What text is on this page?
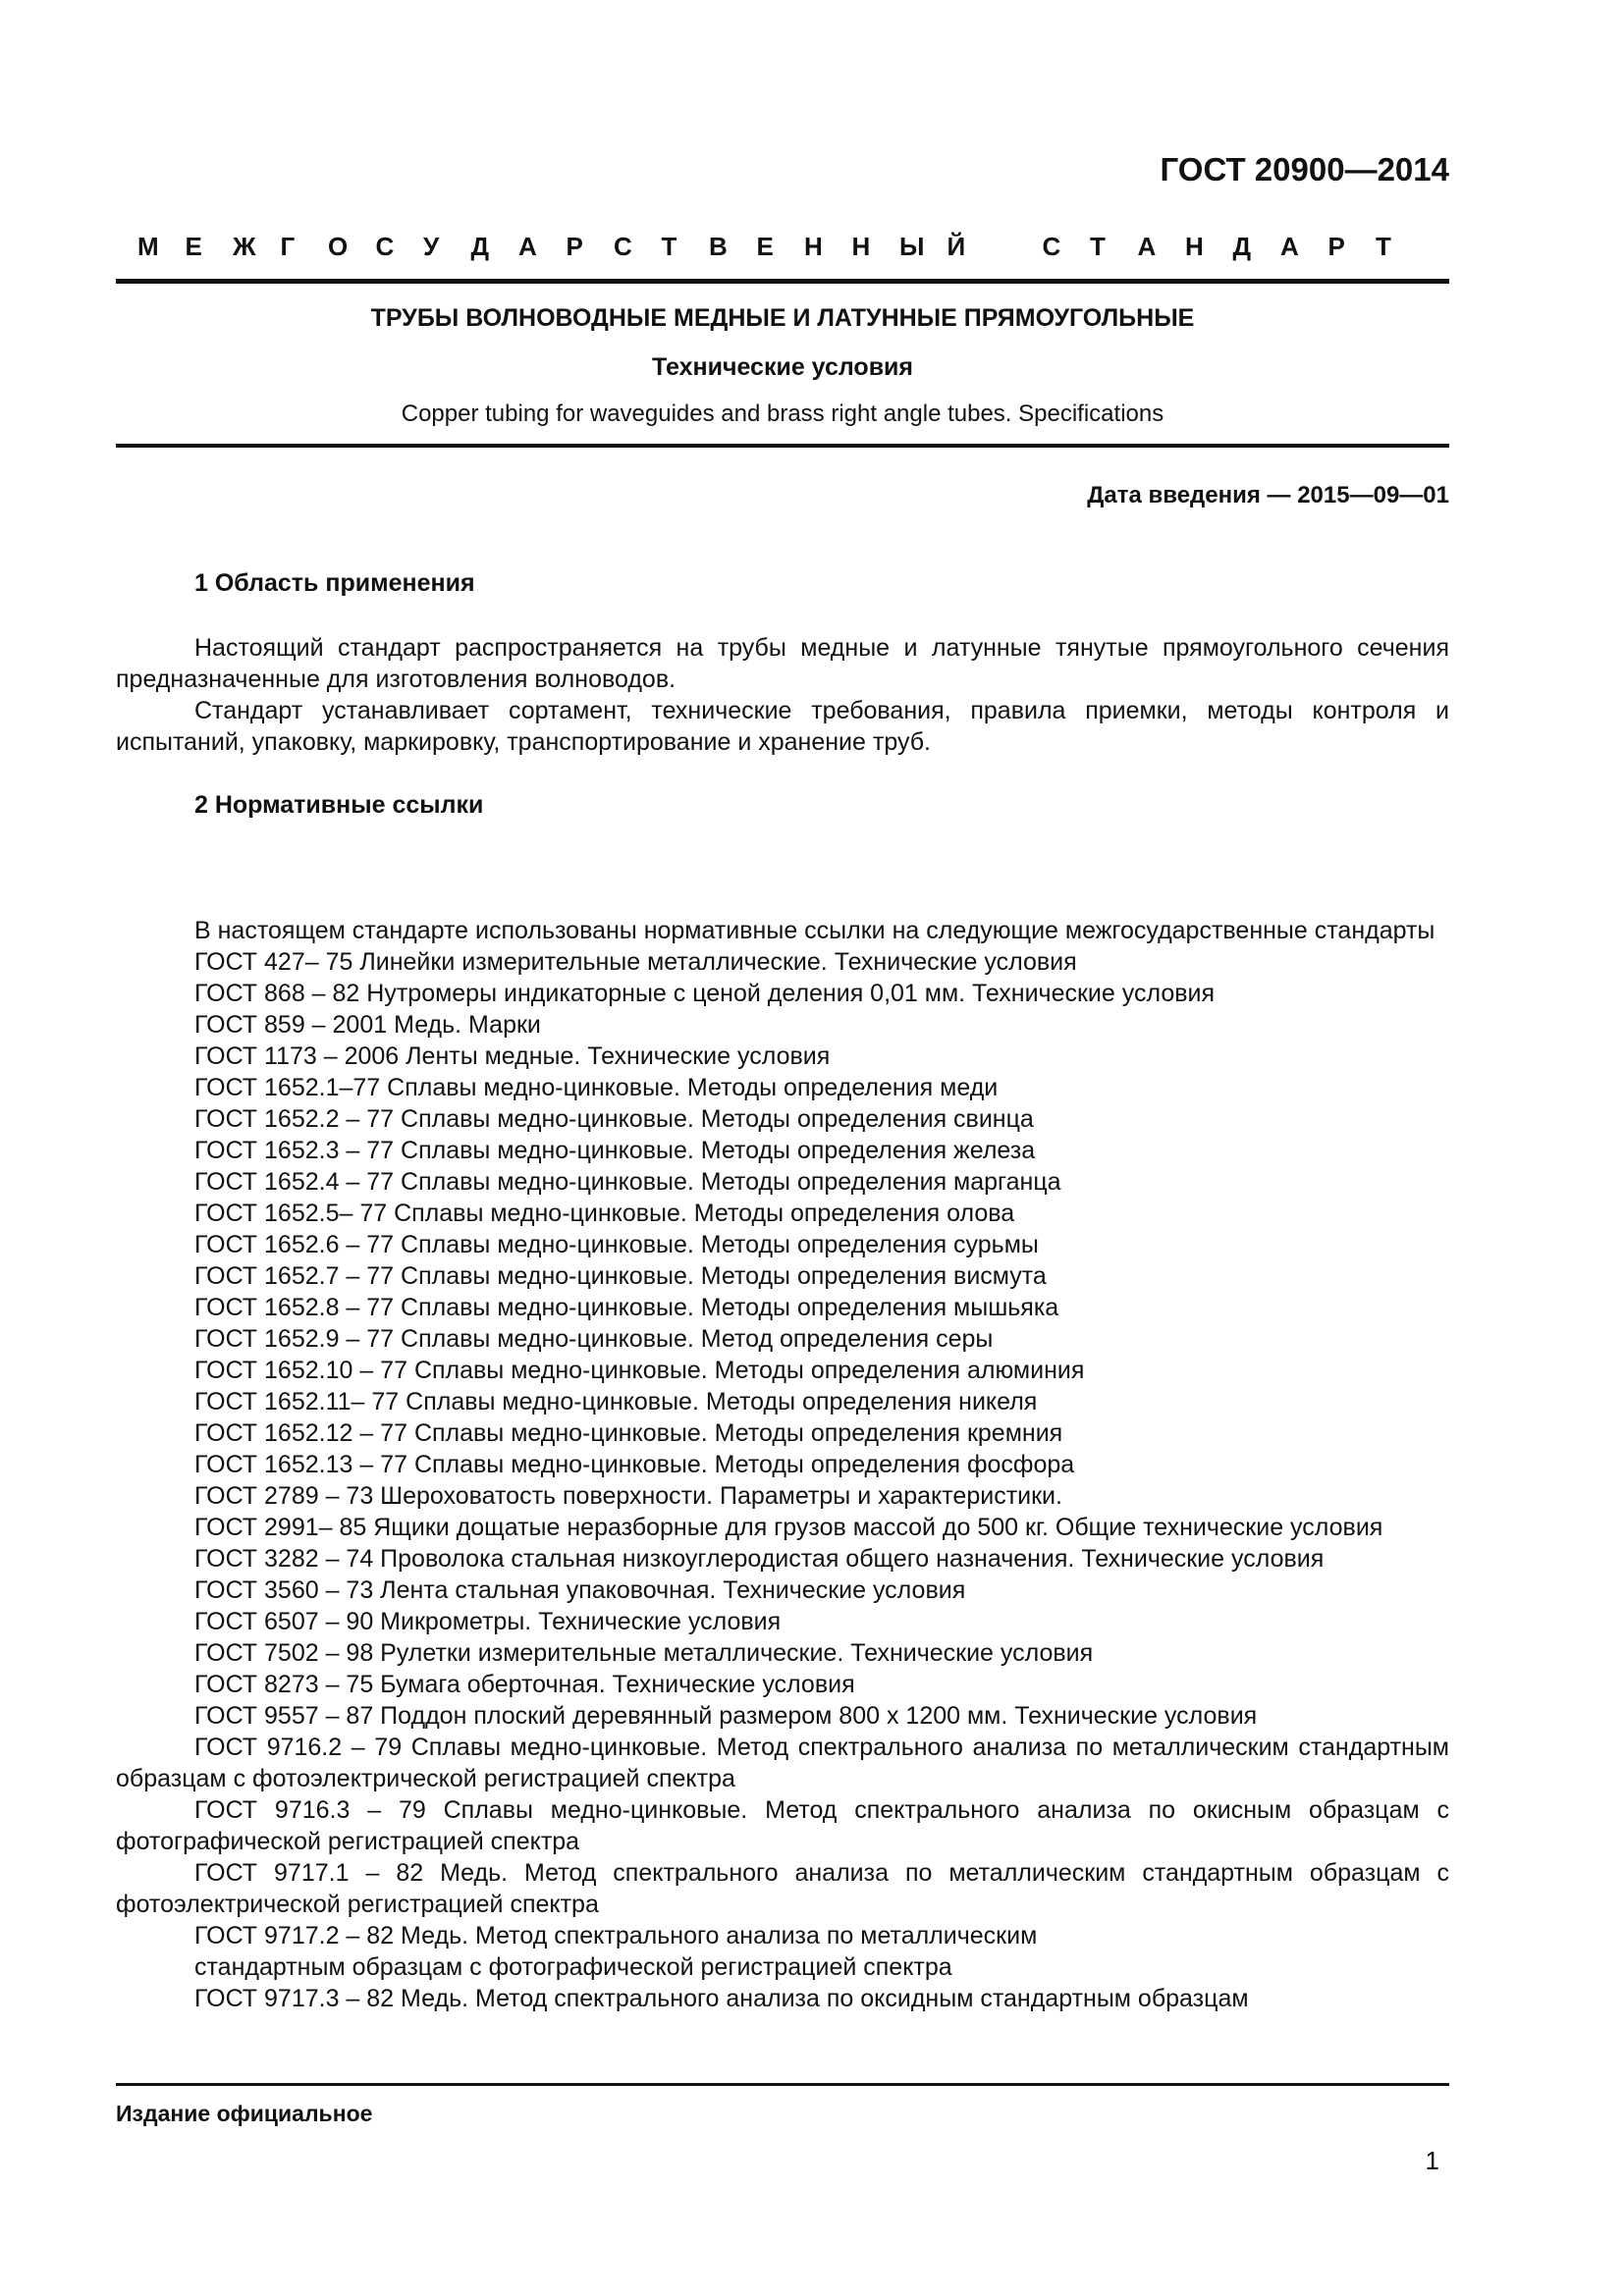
ГОСТ 20900—2014
М Е Ж Г О С У Д А Р С Т В Е Н Н Ы Й	С Т А Н Д А Р Т
ТРУБЫ ВОЛНОВОДНЫЕ МЕДНЫЕ И ЛАТУННЫЕ ПРЯМОУГОЛЬНЫЕ
Технические условия
Copper tubing for waveguides and brass right angle tubes. Specifications
Дата введения — 2015—09—01
1 Область применения

Настоящий стандарт распространяется на трубы медные и латунные тянутые прямоугольного сечения предназначенные для изготовления волноводов.

Стандарт устанавливает сортамент, технические требования, правила приемки, методы контроля и испытаний, упаковку, маркировку, транспортирование и хранение труб.

2 Нормативные ссылки
В настоящем стандарте использованы нормативные ссылки на следующие межгосударственные стандарты
ГОСТ 427– 75 Линейки измерительные металлические. Технические условия
ГОСТ 868 – 82 Нутромеры индикаторные с ценой деления 0,01 мм. Технические условия
ГОСТ 859 – 2001 Медь. Марки
ГОСТ 1173 – 2006 Ленты медные. Технические условия
ГОСТ 1652.1–77 Сплавы медно-цинковые. Методы определения меди
ГОСТ 1652.2 – 77 Сплавы медно-цинковые. Методы определения свинца
ГОСТ 1652.3 – 77 Сплавы медно-цинковые. Методы определения железа
ГОСТ 1652.4 – 77 Сплавы медно-цинковые. Методы определения марганца
ГОСТ 1652.5– 77 Сплавы медно-цинковые. Методы определения олова
ГОСТ 1652.6 – 77 Сплавы медно-цинковые. Методы определения сурьмы
ГОСТ 1652.7 – 77 Сплавы медно-цинковые. Методы определения висмута
ГОСТ 1652.8 – 77 Сплавы медно-цинковые. Методы определения мышьяка
ГОСТ 1652.9 – 77 Сплавы медно-цинковые. Метод определения серы
ГОСТ 1652.10 – 77 Сплавы медно-цинковые. Методы определения алюминия
ГОСТ 1652.11– 77 Сплавы медно-цинковые. Методы определения никеля
ГОСТ 1652.12 – 77 Сплавы медно-цинковые. Методы определения кремния
ГОСТ 1652.13 – 77 Сплавы медно-цинковые. Методы определения фосфора
ГОСТ 2789 – 73 Шероховатость поверхности. Параметры и характеристики.
ГОСТ 2991– 85 Ящики дощатые неразборные для грузов массой до 500 кг. Общие технические условия
ГОСТ 3282 – 74 Проволока стальная низкоуглеродистая общего назначения. Технические условия
ГОСТ 3560 – 73 Лента стальная упаковочная. Технические условия
ГОСТ 6507 – 90 Микрометры. Технические условия
ГОСТ 7502 – 98 Рулетки измерительные металлические. Технические условия
ГОСТ 8273 – 75 Бумага оберточная. Технические условия
ГОСТ 9557 – 87 Поддон плоский деревянный размером 800 х 1200 мм. Технические условия
ГОСТ 9716.2 – 79 Сплавы медно-цинковые. Метод спектрального анализа по металлическим стандартным образцам с фотоэлектрической регистрацией спектра
ГОСТ 9716.3 – 79 Сплавы медно-цинковые. Метод спектрального анализа по окисным образцам с фотографической регистрацией спектра
ГОСТ 9717.1 – 82 Медь. Метод спектрального анализа по металлическим стандартным образцам с фотоэлектрической регистрацией спектра
ГОСТ 9717.2 – 82 Медь. Метод спектрального анализа по металлическим
стандартным образцам с фотографической регистрацией спектра
ГОСТ 9717.3 – 82 Медь. Метод спектрального анализа по оксидным стандартным образцам
Издание официальное
1
